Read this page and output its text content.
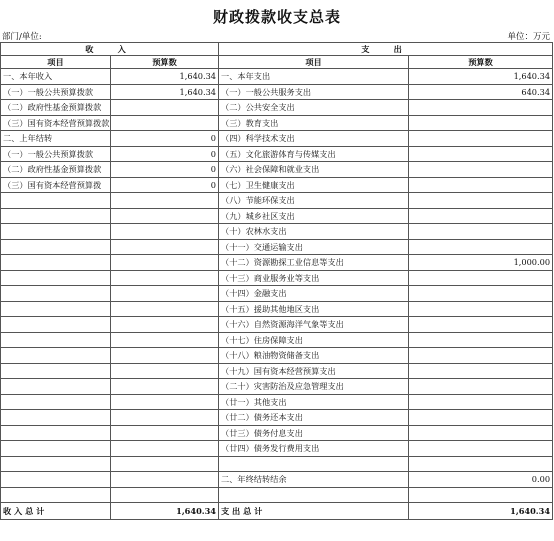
财政拨款收支总表
部门/单位:	单位：万元
收　入		支　出	
项目	预算数	项目	预算数
一、本年收入	1,640.34	一、本年支出	1,640.34
（一）一般公共预算拨款	1,640.34	（一）一般公共服务支出	640.34
（二）政府性基金预算拨款		（二）公共安全支出	
（三）国有资本经营预算拨款		（三）教育支出	
二、上年结转	0	（四）科学技术支出	
（一）一般公共预算拨款	0	（五）文化旅游体育与传媒支出	
（二）政府性基金预算拨款	0	（六）社会保障和就业支出	
（三）国有资本经营预算拨	0	（七）卫生健康支出	
		（八）节能环保支出	
		（九）城乡社区支出	
		（十）农林水支出	
		（十一）交通运输支出	
		（十二）资源勘探工业信息等支出	1,000.00
		（十三）商业服务业等支出	
		（十四）金融支出	
		（十五）援助其他地区支出	
		（十六）自然资源海洋气象等支出	
		（十七）住房保障支出	
		（十八）粮油物资储备支出	
		（十九）国有资本经营预算支出	
		（二十）灾害防治及应急管理支出	
		（廿一）其他支出	
		（廿二）债务还本支出	
		（廿三）债务付息支出	
		（廿四）债务发行费用支出	

		二、年终结转结余	0.00

收 入 总 计	1,640.34	支 出 总 计	1,640.34
